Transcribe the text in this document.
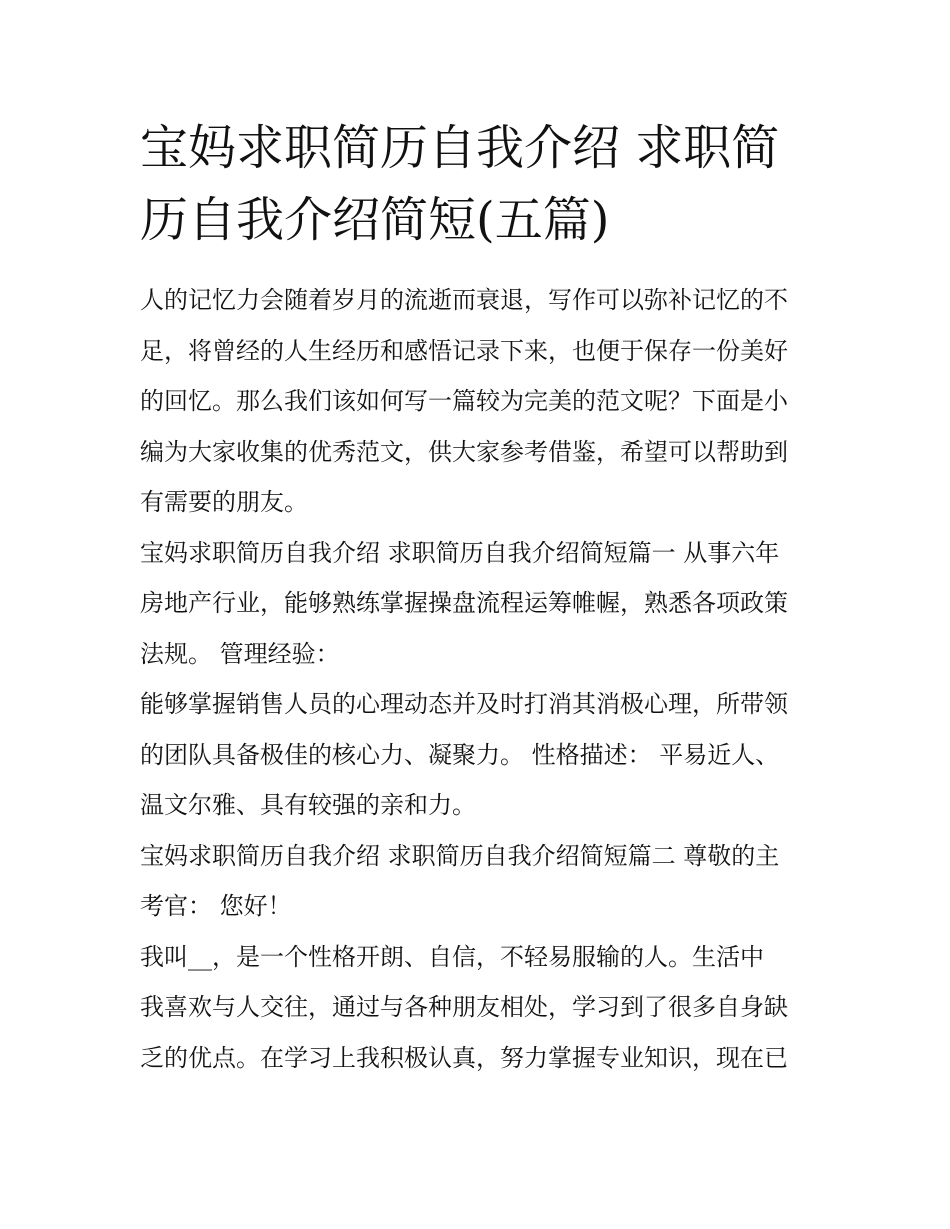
宝妈求职简历自我介绍 求职简
历自我介绍简短(五篇)
人的记忆力会随着岁月的流逝而衰退，写作可以弥补记忆的不
足，将曾经的人生经历和感悟记录下来，也便于保存一份美好
的回忆。那么我们该如何写一篇较为完美的范文呢？下面是小
编为大家收集的优秀范文，供大家参考借鉴，希望可以帮助到
有需要的朋友。
宝妈求职简历自我介绍 求职简历自我介绍简短篇一 从事六年
房地产行业，能够熟练掌握操盘流程运筹帷幄，熟悉各项政策
法规。 管理经验：
能够掌握销售人员的心理动态并及时打消其消极心理，所带领
的团队具备极佳的核心力、凝聚力。 性格描述： 平易近人、
温文尔雅、具有较强的亲和力。
宝妈求职简历自我介绍 求职简历自我介绍简短篇二 尊敬的主
考官： 您好！
我叫__，是一个性格开朗、自信，不轻易服输的人。生活中
我喜欢与人交往，通过与各种朋友相处，学习到了很多自身缺
乏的优点。在学习上我积极认真，努力掌握专业知识，现在已
